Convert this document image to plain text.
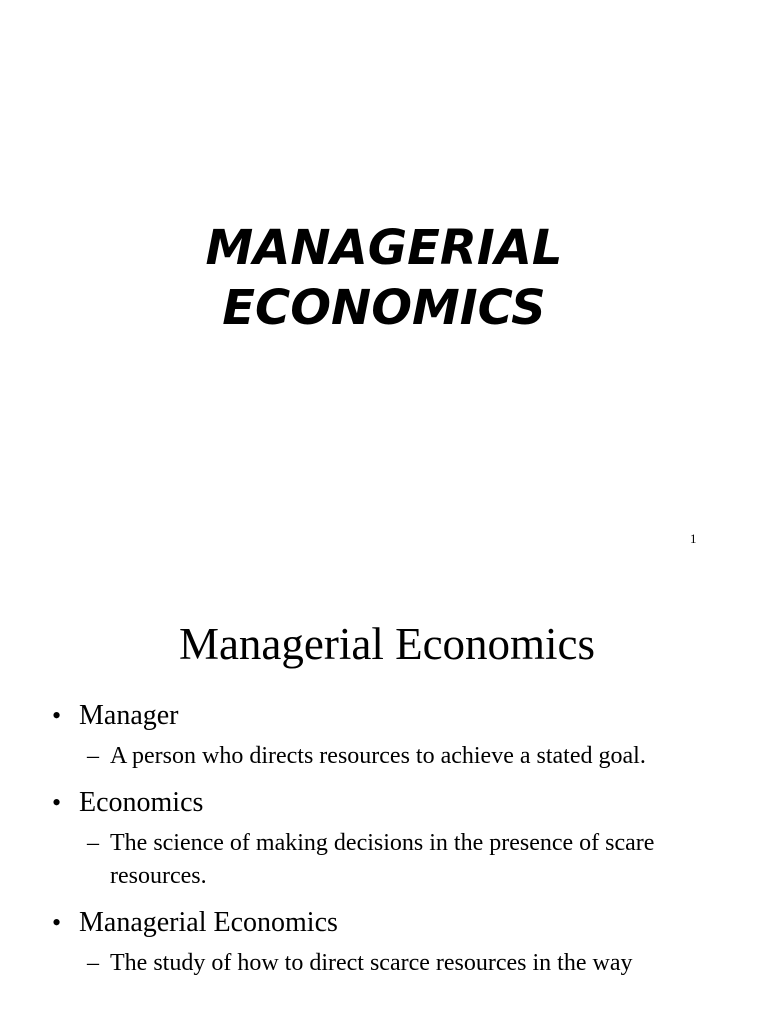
MANAGERIAL
ECONOMICS
1
Managerial Economics
• Manager
– A person who directs resources to achieve a stated goal.
• Economics
– The science of making decisions in the presence of scare resources.
• Managerial Economics
– The study of how to direct scarce resources in the way
